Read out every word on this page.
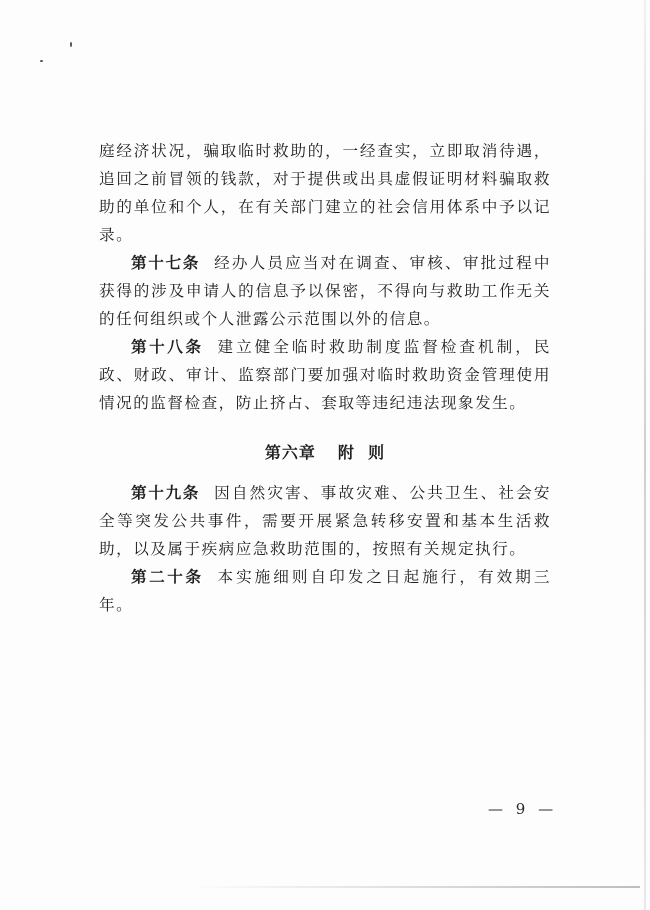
庭经济状况，骗取临时救助的，一经查实，立即取消待遇，追回之前冒领的钱款，对于提供或出具虚假证明材料骗取救助的单位和个人，在有关部门建立的社会信用体系中予以记录。

第十七条 经办人员应当对在调查、审核、审批过程中获得的涉及申请人的信息予以保密，不得向与救助工作无关的任何组织或个人泄露公示范围以外的信息。

第十八条 建立健全临时救助制度监督检查机制，民政、财政、审计、监察部门要加强对临时救助资金管理使用情况的监督检查，防止挤占、套取等违纪违法现象发生。

第六章 附  则

第十九条 因自然灾害、事故灾难、公共卫生、社会安全等突发公共事件，需要开展紧急转移安置和基本生活救助，以及属于疾病应急救助范围的，按照有关规定执行。

第二十条 本实施细则自印发之日起施行，有效期三年。

— 9 —
